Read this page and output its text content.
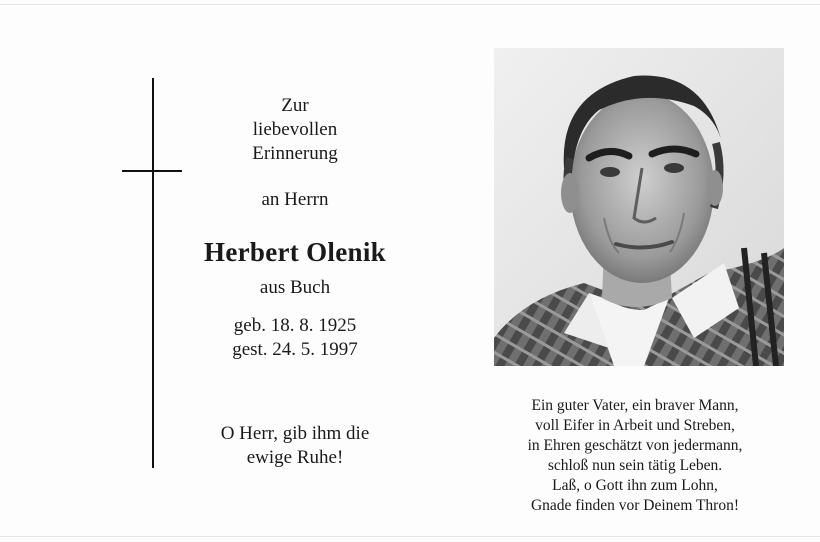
Zur
liebevollen
Erinnerung
an Herrn
Herbert Olenik
aus Buch
geb. 18. 8. 1925
gest. 24. 5. 1997
O Herr, gib ihm die
ewige Ruhe!
Ein guter Vater, ein braver Mann,
voll Eifer in Arbeit und Streben,
in Ehren geschätzt von jedermann,
schloß nun sein tätig Leben.
Laß, o Gott ihn zum Lohn,
Gnade finden vor Deinem Thron!
